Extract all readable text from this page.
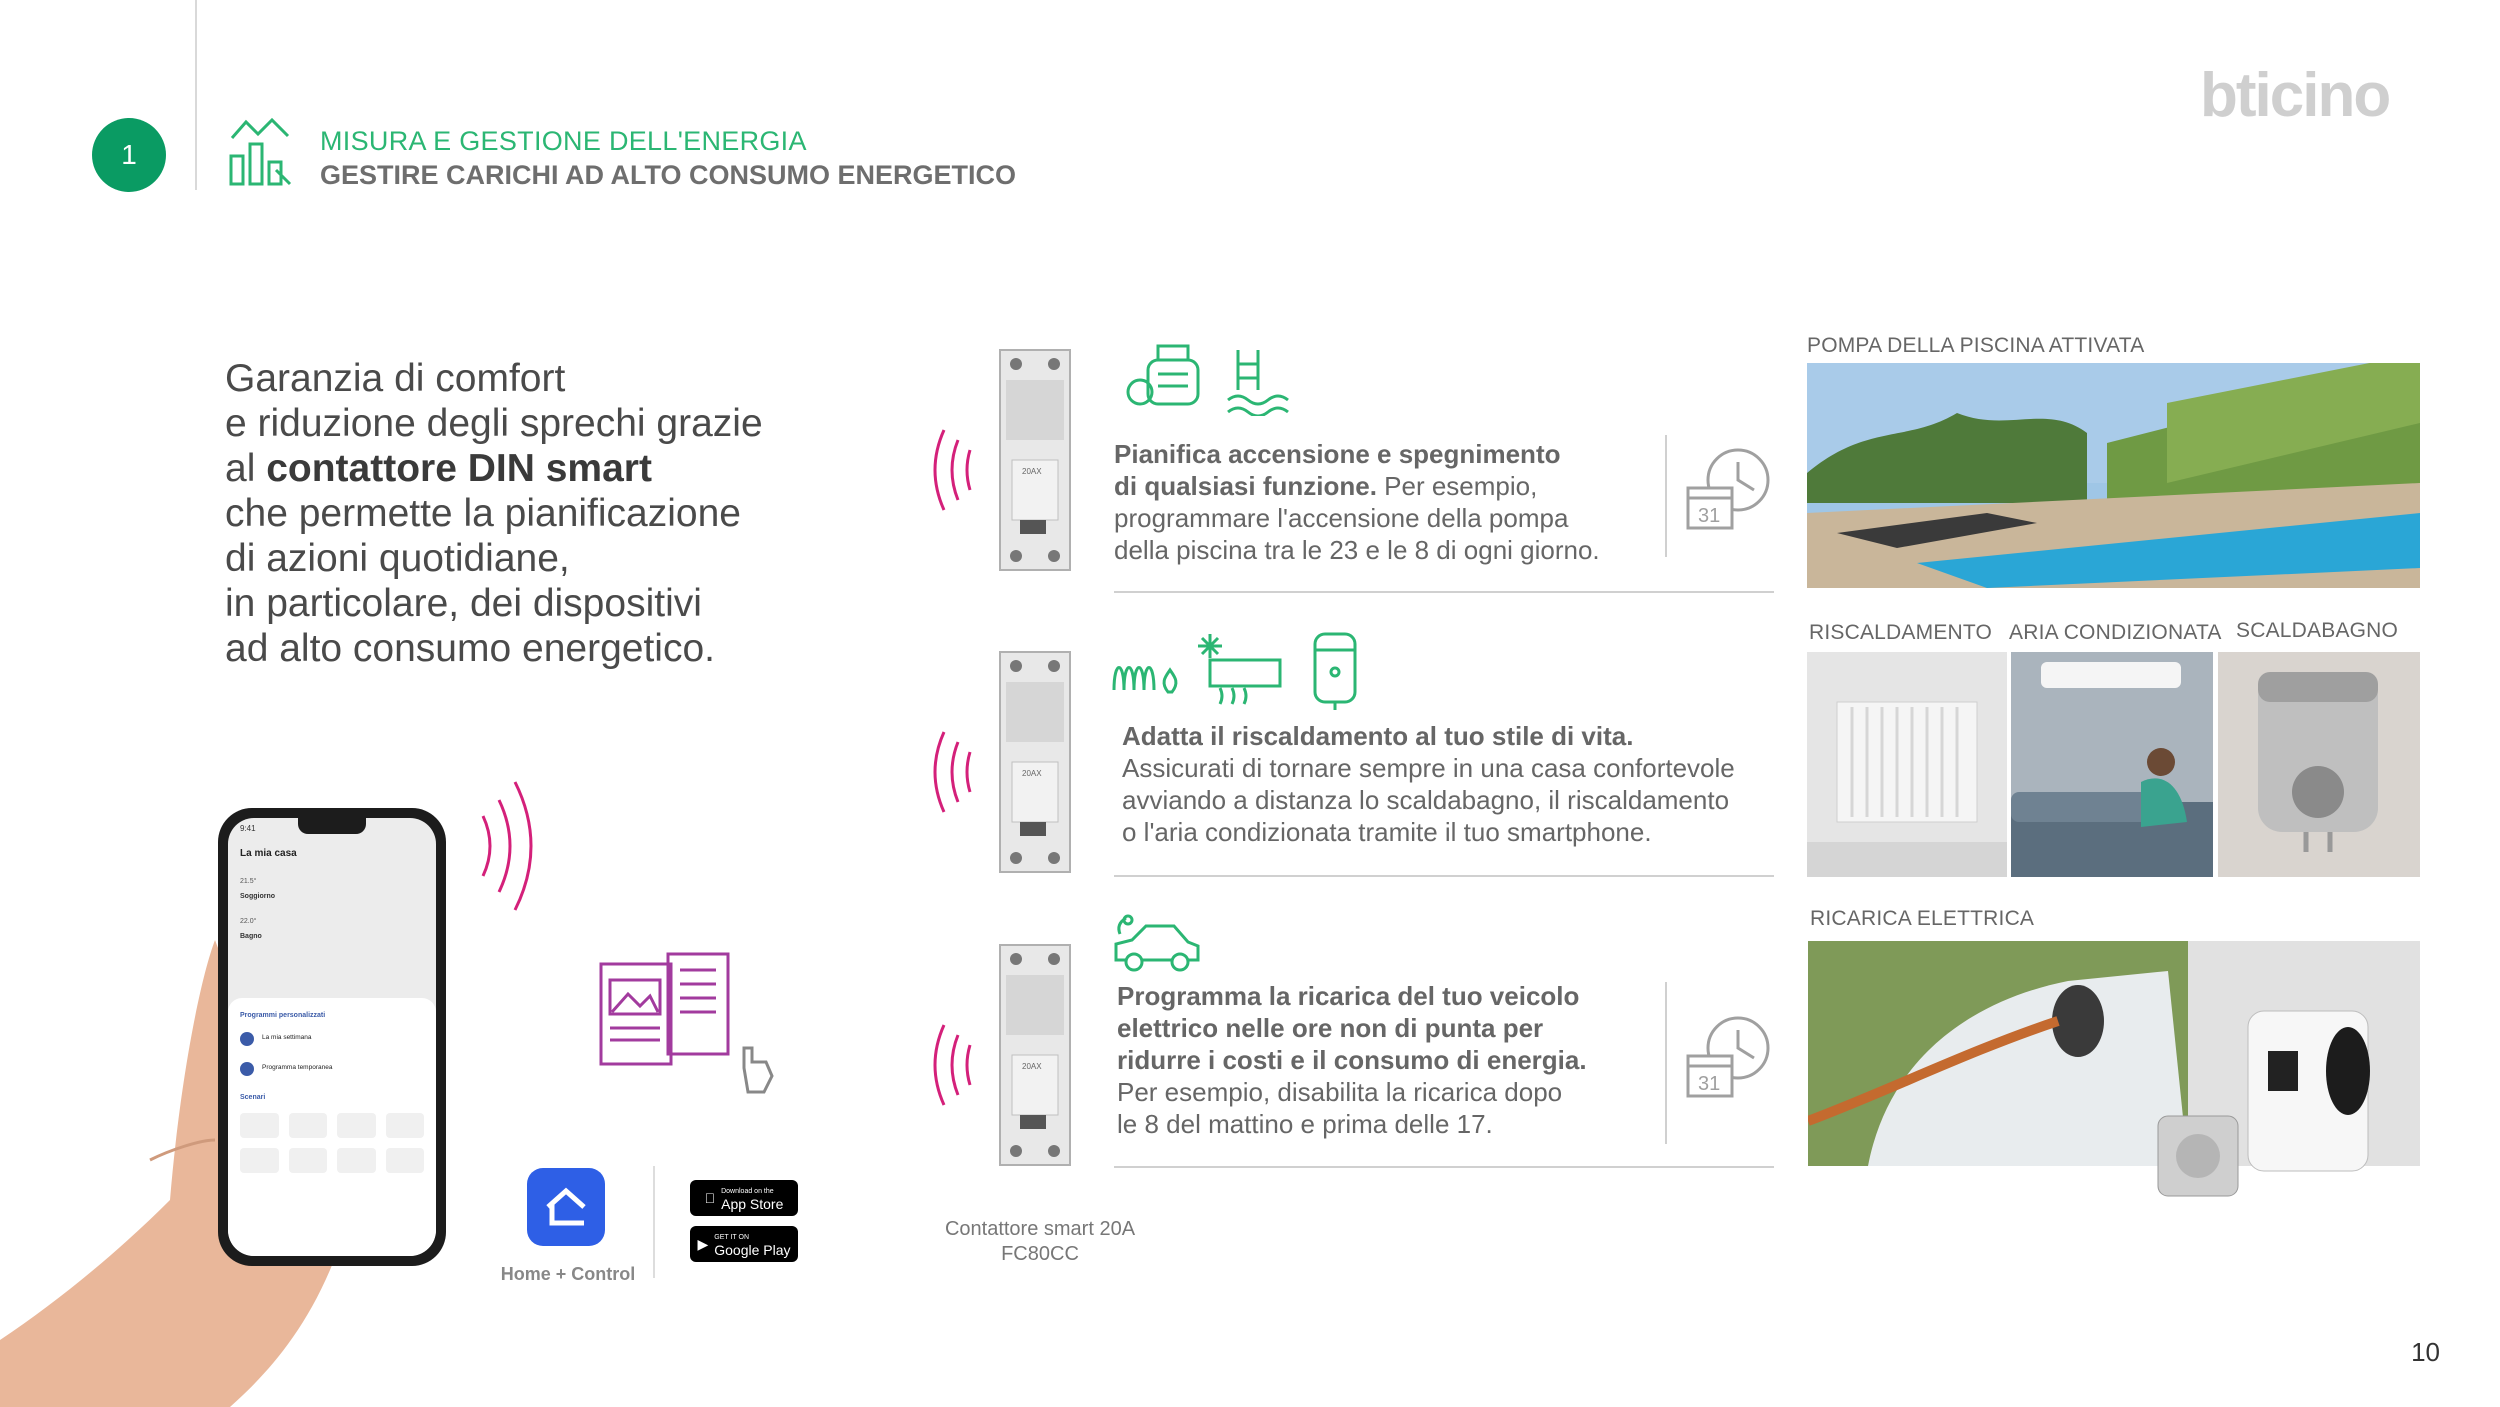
1	MISURA E GESTIONE DELL'ENERGIA
GESTIRE CARICHI AD ALTO CONSUMO ENERGETICO
bticino

Garanzia di comfort

e riduzione degli sprechi grazie

al contattore DIN smart

che permette la pianificazione

di azioni quotidiane,

in particolare, dei dispositivi

ad alto consumo energetico.

9:41
La mia casa
21.5°
Soggiorno
22.0°
Bagno
Programmi personalizzati
La mia settimana
Programma temporanea
Scenari
Home + Control
Download on the
App Store
▶ GET IT ON
Google Play
20AX
20AX
20AX
Contattore smart 20A
FC80CC
Pianifica accensione e spegnimento
di qualsiasi funzione. Per esempio,
programmare l'accensione della pompa
della piscina tra le 23 e le 8 di ogni giorno.
31
Adatta il riscaldamento al tuo stile di vita.
Assicurati di tornare sempre in una casa confortevole
avviando a distanza lo scaldabagno, il riscaldamento
o l'aria condizionata tramite il tuo smartphone.
Programma la ricarica del tuo veicolo
elettrico nelle ore non di punta per
ridurre i costi e il consumo di energia.
Per esempio, disabilita la ricarica dopo
le 8 del mattino e prima delle 17.
31
POMPA DELLA PISCINA ATTIVATA
RISCALDAMENTO ARIA CONDIZIONATA SCALDABAGNO
RICARICA ELETTRICA
10
